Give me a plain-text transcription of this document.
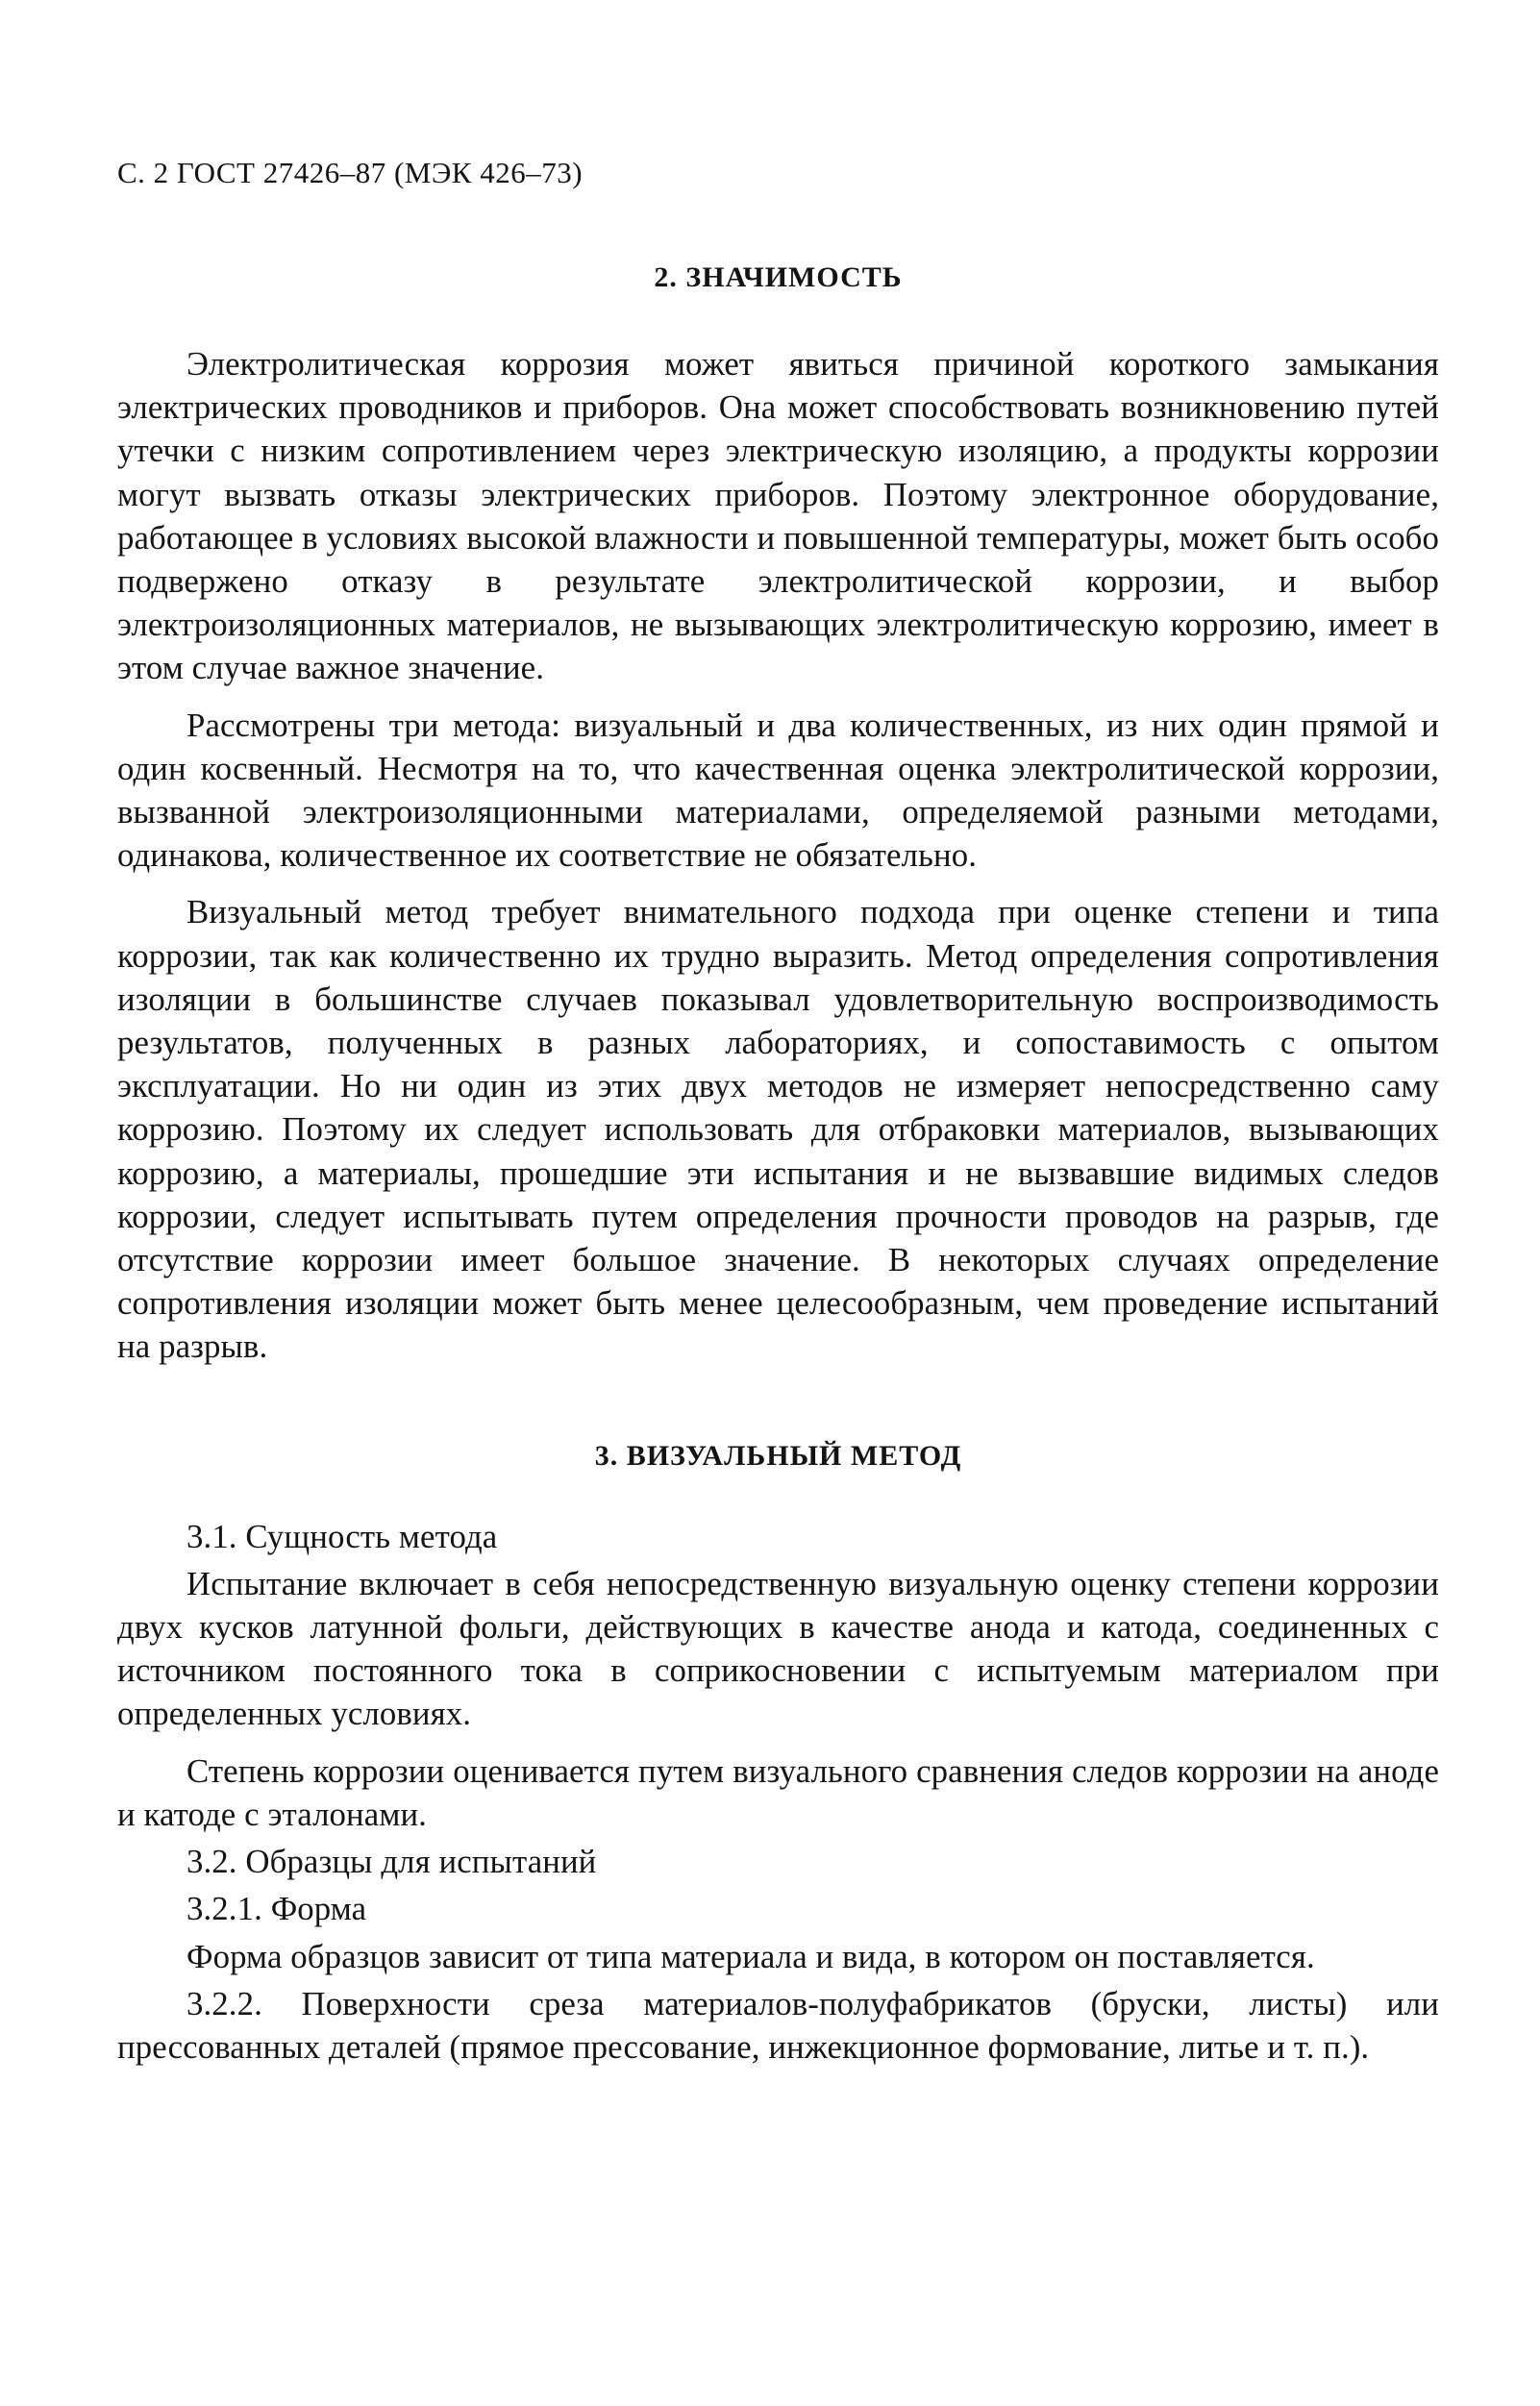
С. 2 ГОСТ 27426–87 (МЭК 426–73)
2. ЗНАЧИМОСТЬ

Электролитическая коррозия может явиться причиной короткого замыкания электрических проводников и приборов. Она может способствовать возникновению путей утечки с низким сопротивлением через электрическую изоляцию, а продукты коррозии могут вызвать отказы электрических приборов. Поэтому электронное оборудование, работающее в условиях высокой влажности и повышенной температуры, может быть особо подвержено отказу в результате электролитической коррозии, и выбор электроизоляционных материалов, не вызывающих электролитическую коррозию, имеет в этом случае важное значение.

Рассмотрены три метода: визуальный и два количественных, из них один прямой и один косвенный. Несмотря на то, что качественная оценка электролитической коррозии, вызванной электроизоляционными материалами, определяемой разными методами, одинакова, количественное их соответствие не обязательно.

Визуальный метод требует внимательного подхода при оценке степени и типа коррозии, так как количественно их трудно выразить. Метод определения сопротивления изоляции в большинстве случаев показывал удовлетворительную воспроизводимость результатов, полученных в разных лабораториях, и сопоставимость с опытом эксплуатации. Но ни один из этих двух методов не измеряет непосредственно саму коррозию. Поэтому их следует использовать для отбраковки материалов, вызывающих коррозию, а материалы, прошедшие эти испытания и не вызвавшие видимых следов коррозии, следует испытывать путем определения прочности проводов на разрыв, где отсутствие коррозии имеет большое значение. В некоторых случаях определение сопротивления изоляции может быть менее целесообразным, чем проведение испытаний на разрыв.

3. ВИЗУАЛЬНЫЙ МЕТОД

3.1. Сущность метода

Испытание включает в себя непосредственную визуальную оценку степени коррозии двух кусков латунной фольги, действующих в качестве анода и катода, соединенных с источником постоянного тока в соприкосновении с испытуемым материалом при определенных условиях.

Степень коррозии оценивается путем визуального сравнения следов коррозии на аноде и катоде с эталонами.

3.2. Образцы для испытаний

3.2.1. Форма

Форма образцов зависит от типа материала и вида, в котором он поставляется.

3.2.2. Поверхности среза материалов-полуфабрикатов (бруски, листы) или прессованных деталей (прямое прессование, инжекционное формование, литье и т. п.).
